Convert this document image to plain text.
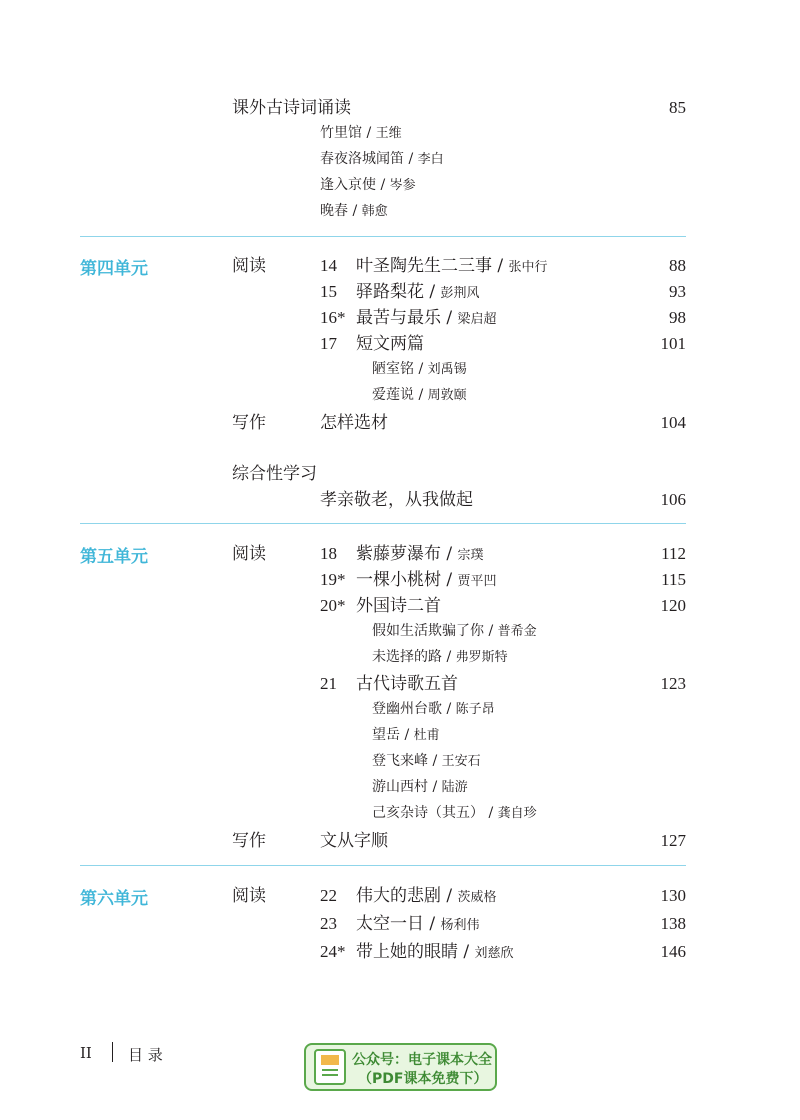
课外古诗词诵读	85
竹里馆 / 王维
春夜洛城闻笛 / 李白
逢入京使 / 岑参
晚春 / 韩愈
第四单元	阅读	14 叶圣陶先生二三事 / 张中行	88
15 驿路梨花 / 彭荆风	93
16* 最苦与最乐 / 梁启超	98
17 短文两篇	101
陋室铭 / 刘禹锡
爱莲说 / 周敦颐
写作	怎样选材	104
综合性学习
孝亲敬老，从我做起	106
第五单元	阅读	18 紫藤萝瀑布 / 宗璞	112
19* 一棵小桃树 / 贾平凹	115
20* 外国诗二首	120
假如生活欺骗了你 / 普希金
未选择的路 / 弗罗斯特
21 古代诗歌五首	123
登幽州台歌 / 陈子昂
望岳 / 杜甫
登飞来峰 / 王安石
游山西村 / 陆游
己亥杂诗（其五） / 龚自珍
写作	文从字顺	127
第六单元	阅读	22 伟大的悲剧 / 茨威格	130
23 太空一日 / 杨利伟	138
24* 带上她的眼睛 / 刘慈欣	146
II 目 录	公众号：电子课本大全
（PDF课本免费下）
